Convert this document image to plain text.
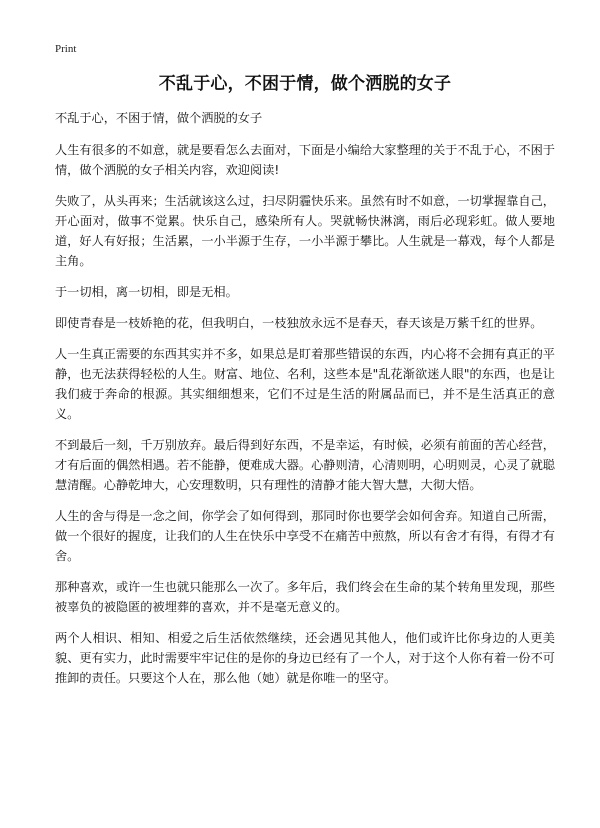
Print
不乱于心，不困于情，做个洒脱的女子

不乱于心，不困于情，做个洒脱的女子

人生有很多的不如意，就是要看怎么去面对，下面是小编给大家整理的关于不乱于心，不困于情，做个洒脱的女子相关内容，欢迎阅读!

失败了，从头再来；生活就该这么过，扫尽阴霾快乐来。虽然有时不如意，一切掌握靠自己，开心面对，做事不觉累。快乐自己，感染所有人。哭就畅快淋漓，雨后必现彩虹。做人要地道，好人有好报；生活累，一小半源于生存，一小半源于攀比。人生就是一幕戏，每个人都是主角。

于一切相，离一切相，即是无相。

即使青春是一枝娇艳的花，但我明白，一枝独放永远不是春天，春天该是万紫千红的世界。

人一生真正需要的东西其实并不多，如果总是盯着那些错误的东西，内心将不会拥有真正的平静，也无法获得轻松的人生。财富、地位、名利，这些本是"乱花渐欲迷人眼"的东西，也是让我们疲于奔命的根源。其实细细想来，它们不过是生活的附属品而已，并不是生活真正的意义。

不到最后一刻，千万别放弃。最后得到好东西，不是幸运，有时候，必须有前面的苦心经营，才有后面的偶然相遇。若不能静，便难成大器。心静则清，心清则明，心明则灵，心灵了就聪慧清醒。心静乾坤大，心安理数明，只有理性的清静才能大智大慧，大彻大悟。

人生的舍与得是一念之间，你学会了如何得到，那同时你也要学会如何舍弃。知道自己所需，做一个很好的握度，让我们的人生在快乐中享受不在痛苦中煎熬，所以有舍才有得，有得才有舍。

那种喜欢，或许一生也就只能那么一次了。多年后，我们终会在生命的某个转角里发现，那些被辜负的被隐匿的被埋葬的喜欢，并不是毫无意义的。

两个人相识、相知、相爱之后生活依然继续，还会遇见其他人，他们或许比你身边的人更美貌、更有实力，此时需要牢牢记住的是你的身边已经有了一个人，对于这个人你有着一份不可推卸的责任。只要这个人在，那么他（她）就是你唯一的坚守。
